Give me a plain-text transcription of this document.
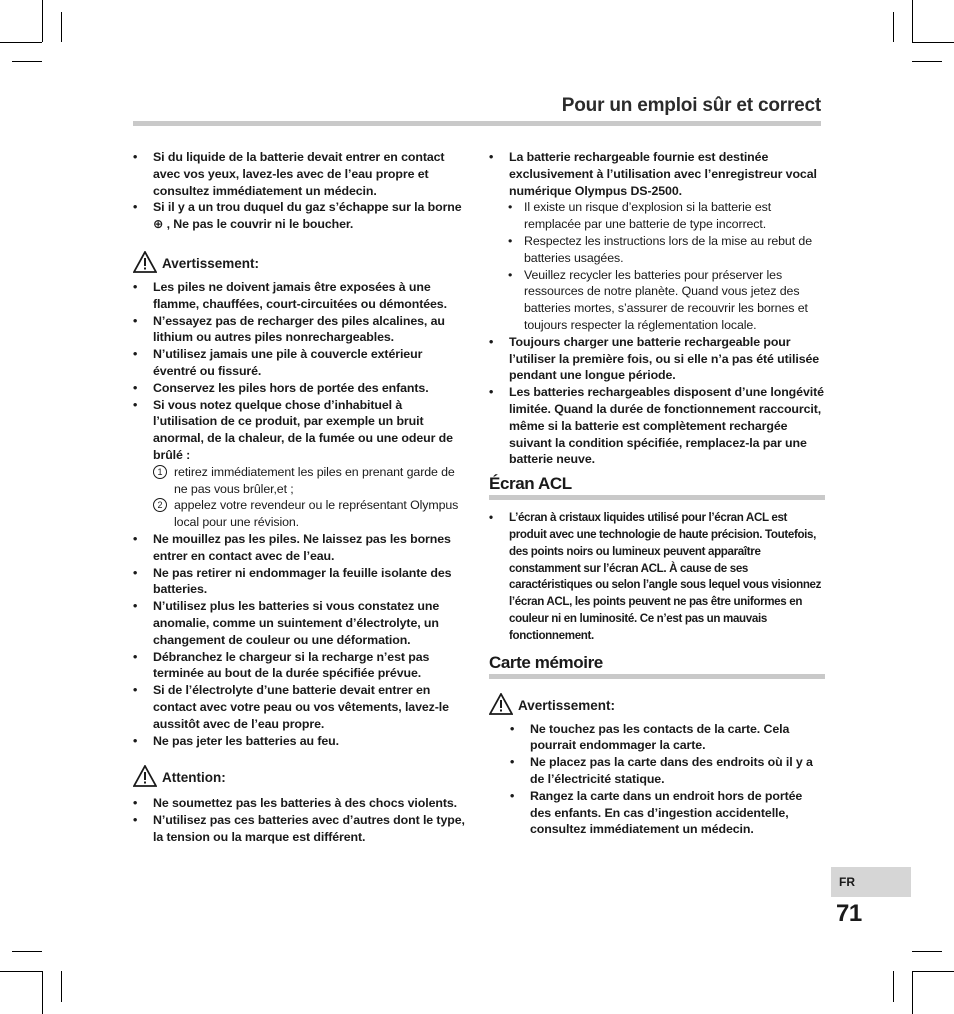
Pour un emploi sûr et correct
• Si du liquide de la batterie devait entrer en contact avec vos yeux, lavez-les avec de l’eau propre et consultez immédiatement un médecin.
• Si il y a un trou duquel du gaz s’échappe sur la borne ⊕ , Ne pas le couvrir ni le boucher.
Avertissement:
• Les piles ne doivent jamais être exposées à une flamme, chauffées, court-circuitées ou démontées.
• N’essayez pas de recharger des piles alcalines, au lithium ou autres piles nonrechargeables.
• N’utilisez jamais une pile à couvercle extérieur éventré ou fissuré.
• Conservez les piles hors de portée des enfants.
• Si vous notez quelque chose d’inhabituel à l’utilisation de ce produit, par exemple un bruit anormal, de la chaleur, de la fumée ou une odeur de brûlé :
1 retirez immédiatement les piles en prenant garde de ne pas vous brûler,et ;
2 appelez votre revendeur ou le représentant Olympus local pour une révision.
• Ne mouillez pas les piles. Ne laissez pas les bornes entrer en contact avec de l’eau.
• Ne pas retirer ni endommager la feuille isolante des batteries.
• N’utilisez plus les batteries si vous constatez une anomalie, comme un suintement d’électrolyte, un changement de couleur ou une déformation.
• Débranchez le chargeur si la recharge n’est pas terminée au bout de la durée spécifiée prévue.
• Si de l’électrolyte d’une batterie devait entrer en contact avec votre peau ou vos vêtements, lavez-le aussitôt avec de l’eau propre.
• Ne pas jeter les batteries au feu.
Attention:
• Ne soumettez pas les batteries à des chocs violents.
• N’utilisez pas ces batteries avec d’autres dont le type, la tension ou la marque est différent.
• La batterie rechargeable fournie est destinée exclusivement à l’utilisation avec l’enregistreur vocal numérique Olympus DS-2500.
• Il existe un risque d’explosion si la batterie est remplacée par une batterie de type incorrect.
• Respectez les instructions lors de la mise au rebut de batteries usagées.
• Veuillez recycler les batteries pour préserver les ressources de notre planète. Quand vous jetez des batteries mortes, s’assurer de recouvrir les bornes et toujours respecter la réglementation locale.
• Toujours charger une batterie rechargeable pour l’utiliser la première fois, ou si elle n’a pas été utilisée pendant une longue période.
• Les batteries rechargeables disposent d’une longévité limitée. Quand la durée de fonctionnement raccourcit, même si la batterie est complètement rechargée suivant la condition spécifiée, remplacez-la par une batterie neuve.
Écran ACL
• L’écran à cristaux liquides utilisé pour l’écran ACL est produit avec une technologie de haute précision. Toutefois, des points noirs ou lumineux peuvent apparaître constamment sur l’écran ACL. À cause de ses caractéristiques ou selon l’angle sous lequel vous visionnez l’écran ACL, les points peuvent ne pas être uniformes en couleur ni en luminosité. Ce n’est pas un mauvais fonctionnement.
Carte mémoire
Avertissement:
• Ne touchez pas les contacts de la carte. Cela pourrait endommager la carte.
• Ne placez pas la carte dans des endroits où il y a de l’électricité statique.
• Rangez la carte dans un endroit hors de portée des enfants. En cas d’ingestion accidentelle, consultez immédiatement un médecin.
FR
71
